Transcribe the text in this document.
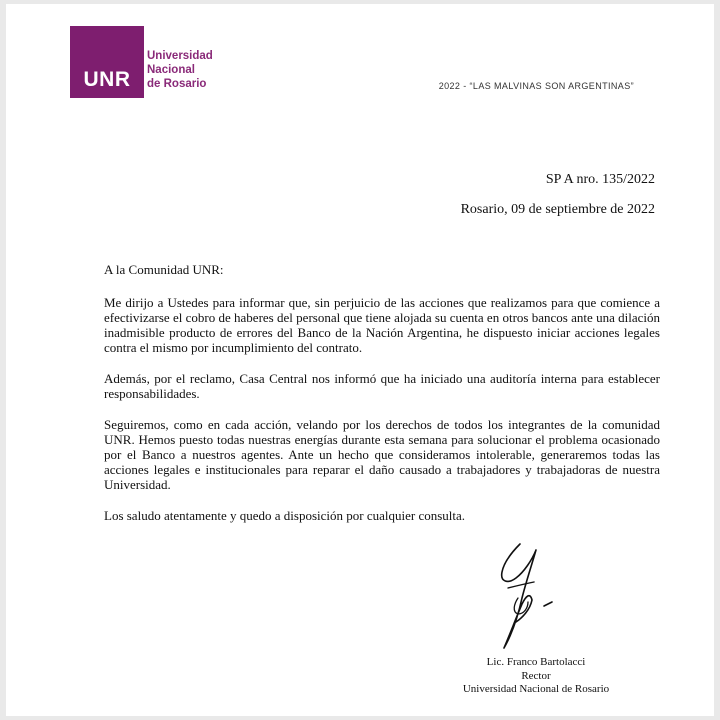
UNR
Universidad
Nacional
de Rosario	2022 - “LAS MALVINAS SON ARGENTINAS”
SP A nro. 135/2022
Rosario, 09 de septiembre de 2022

A la Comunidad UNR:

Me dirijo a Ustedes para informar que, sin perjuicio de las acciones que realizamos para que comience a efectivizarse el cobro de haberes del personal que tiene alojada su cuenta en otros bancos ante una dilación inadmisible producto de errores del Banco de la Nación Argentina, he dispuesto iniciar acciones legales contra el mismo por incumplimiento del contrato.

Además, por el reclamo, Casa Central nos informó que ha iniciado una auditoría interna para establecer responsabilidades.

Seguiremos, como en cada acción, velando por los derechos de todos los integrantes de la comunidad UNR. Hemos puesto todas nuestras energías durante esta semana para solucionar el problema ocasionado por el Banco a nuestros agentes. Ante un hecho que consideramos intolerable, generaremos todas las acciones legales e institucionales para reparar el daño causado a trabajadores y trabajadoras de nuestra Universidad.

Los saludo atentamente y quedo a disposición por cualquier consulta.

Lic. Franco Bartolacci
Rector
Universidad Nacional de Rosario
